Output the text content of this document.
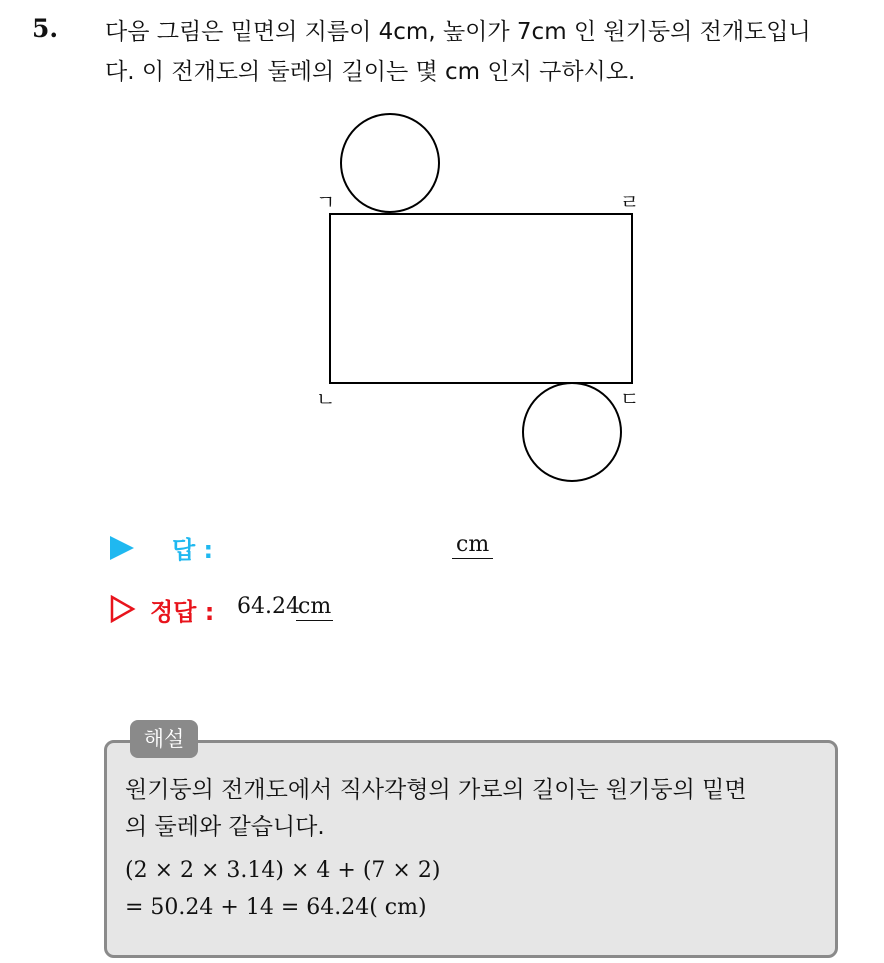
5. 다음 그림은 밑면의 지름이 4cm, 높이가 7cm 인 원기둥의 전개도입니
다. 이 전개도의 둘레의 길이는 몇 cm 인지 구하시오.
ㄱ	ㄹ
ㄴ	ㄷ
답 :	cm
정답 : 64.24
cm
해설
원기둥의 전개도에서 직사각형의 가로의 길이는 원기둥의 밑면
의 둘레와 같습니다.
(2 × 2 × 3.14) × 4 + (7 × 2)
= 50.24 + 14 = 64.24( cm)
